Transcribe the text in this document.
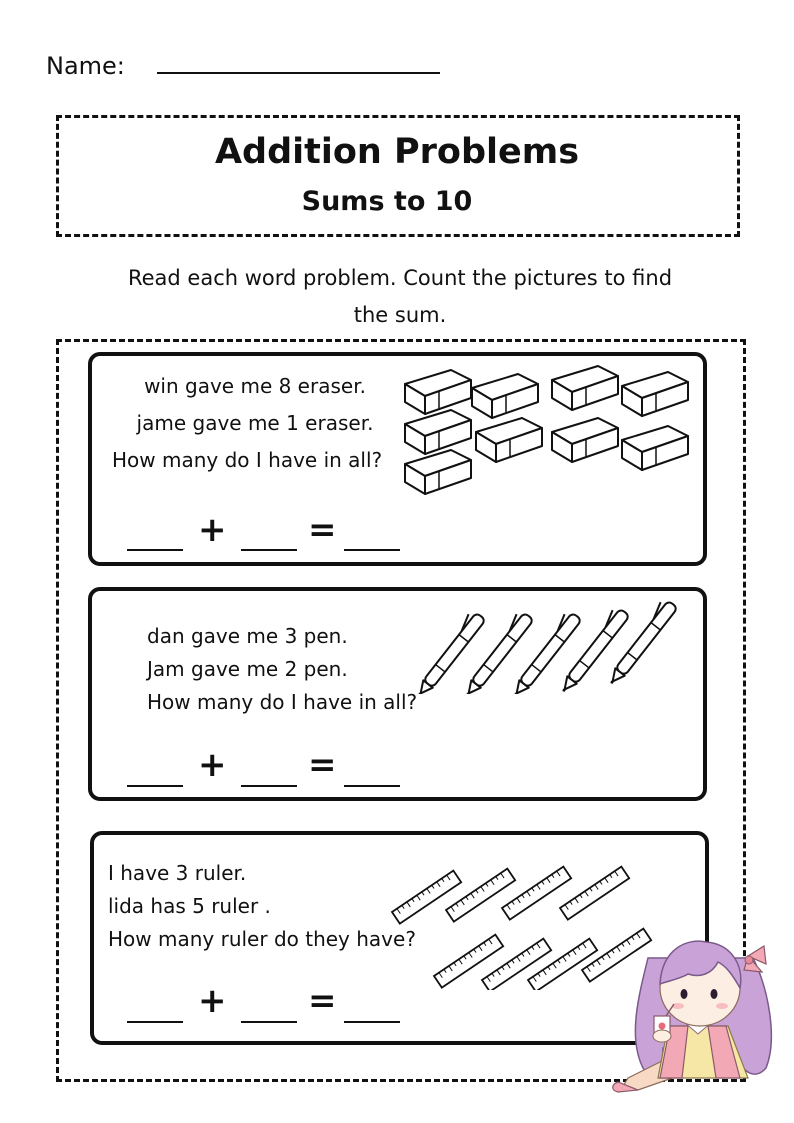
Name:
Addition Problems
Sums to 10
Read each word problem. Count the pictures to find the sum.
win gave me 8 eraser.
jame gave me 1 eraser.
How many do I have in all?
+ =
dan gave me 3 pen.
Jam gave me 2 pen.
How many do I have in all?
+ =
I have 3 ruler.
lida has 5 ruler .
How many ruler do they have?
+ =
